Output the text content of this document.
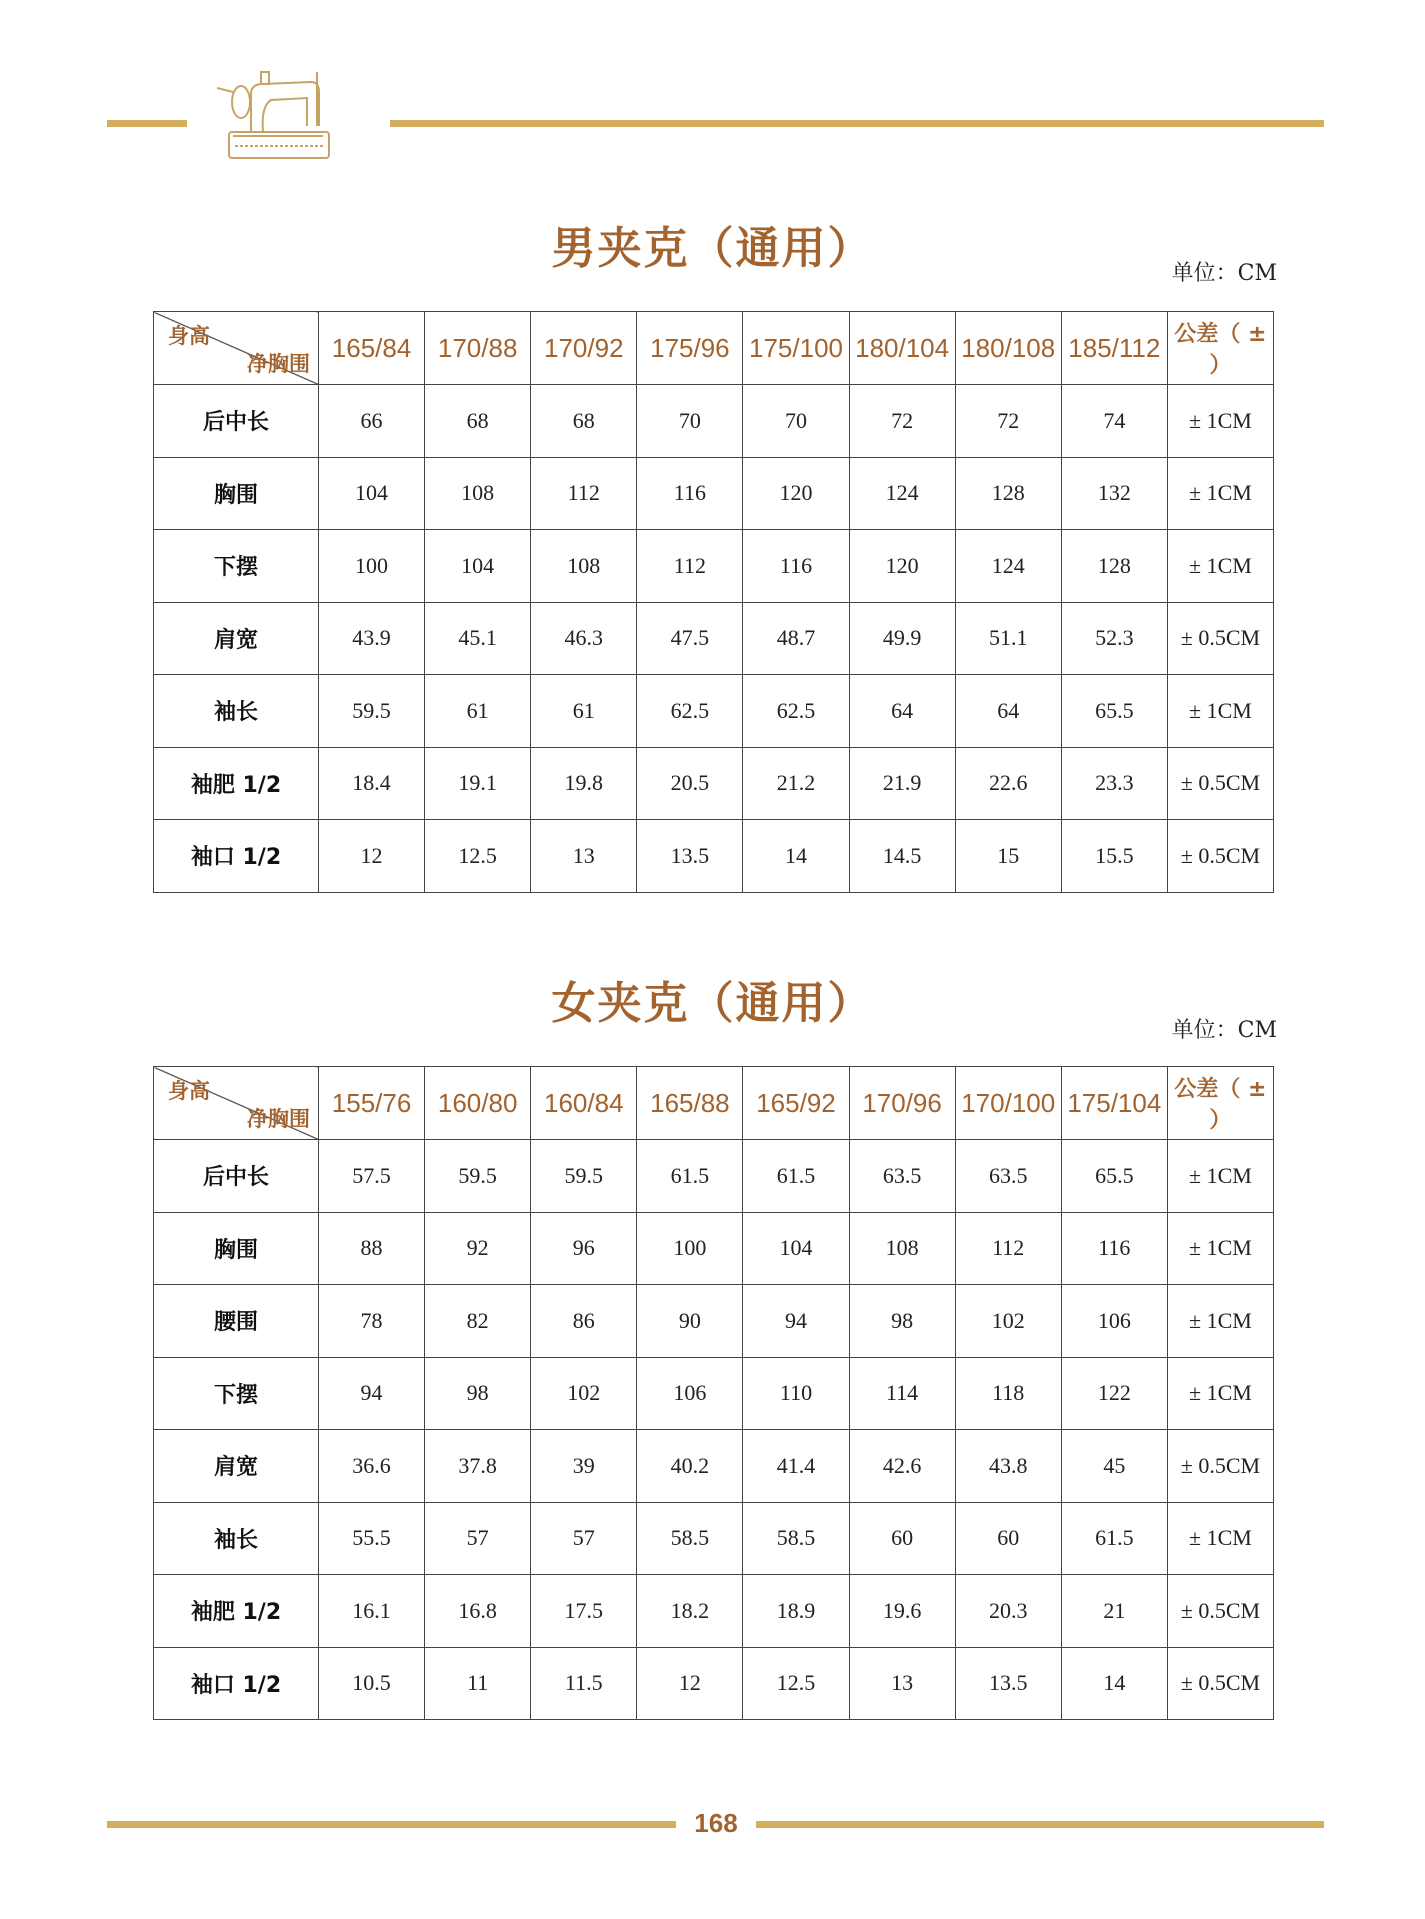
男夹克（通用）	单位：CM
身高
净胸围	165/84	170/88	170/92	175/96	175/100	180/104	180/108	185/112	公差（ ± ）
后中长	66	68	68	70	70	72	72	74	± 1CM
胸围	104	108	112	116	120	124	128	132	± 1CM
下摆	100	104	108	112	116	120	124	128	± 1CM
肩宽	43.9	45.1	46.3	47.5	48.7	49.9	51.1	52.3	± 0.5CM
袖长	59.5	61	61	62.5	62.5	64	64	65.5	± 1CM
袖肥 1/2	18.4	19.1	19.8	20.5	21.2	21.9	22.6	23.3	± 0.5CM
袖口 1/2	12	12.5	13	13.5	14	14.5	15	15.5	± 0.5CM
女夹克（通用）
单位：CM
身高
净胸围	155/76	160/80	160/84	165/88	165/92	170/96	170/100	175/104	公差（ ± ）
后中长	57.5	59.5	59.5	61.5	61.5	63.5	63.5	65.5	± 1CM
胸围	88	92	96	100	104	108	112	116	± 1CM
腰围	78	82	86	90	94	98	102	106	± 1CM
下摆	94	98	102	106	110	114	118	122	± 1CM
肩宽	36.6	37.8	39	40.2	41.4	42.6	43.8	45	± 0.5CM
袖长	55.5	57	57	58.5	58.5	60	60	61.5	± 1CM
袖肥 1/2	16.1	16.8	17.5	18.2	18.9	19.6	20.3	21	± 0.5CM
袖口 1/2	10.5	11	11.5	12	12.5	13	13.5	14	± 0.5CM
168
